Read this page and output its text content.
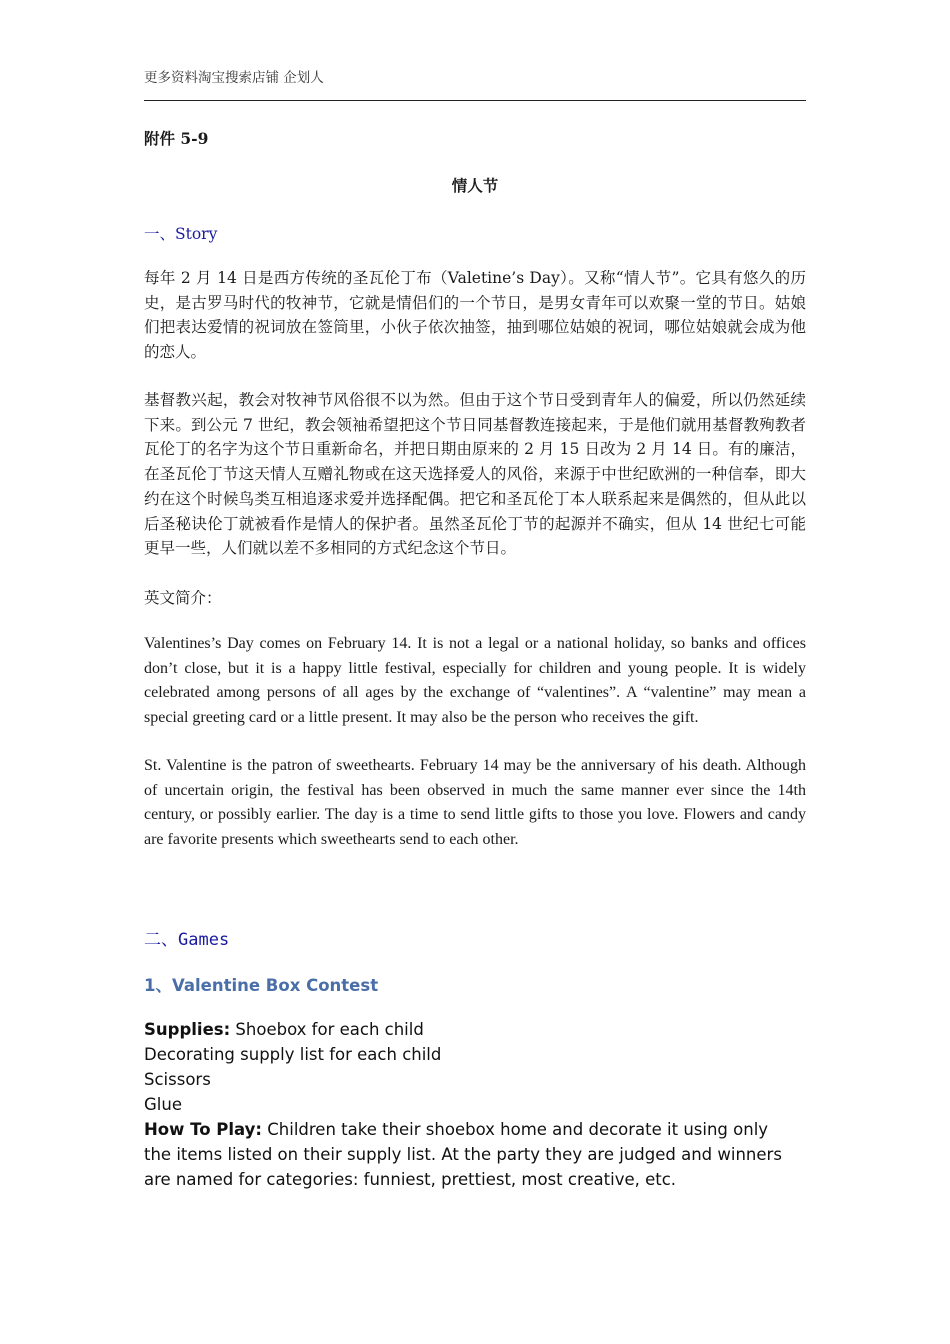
更多资料淘宝搜索店铺 企划人
附件 5-9
情人节
一、Story
每年 2 月 14 日是西方传统的圣瓦伦丁布（Valetine’s Day）。又称“情人节”。它具有悠久的历史，是古罗马时代的牧神节，它就是情侣们的一个节日，是男女青年可以欢聚一堂的节日。姑娘们把表达爱情的祝词放在签筒里，小伙子依次抽签，抽到哪位姑娘的祝词，哪位姑娘就会成为他的恋人。
基督教兴起，教会对牧神节风俗很不以为然。但由于这个节日受到青年人的偏爱，所以仍然延续下来。到公元 7 世纪，教会领袖希望把这个节日同基督教连接起来，于是他们就用基督教殉教者瓦伦丁的名字为这个节日重新命名，并把日期由原来的 2 月 15 日改为 2 月 14 日。有的廉洁，在圣瓦伦丁节这天情人互赠礼物或在这天选择爱人的风俗，来源于中世纪欧洲的一种信奉，即大约在这个时候鸟类互相追逐求爱并选择配偶。把它和圣瓦伦丁本人联系起来是偶然的，但从此以后圣秘诀伦丁就被看作是情人的保护者。虽然圣瓦伦丁节的起源并不确实，但从 14 世纪七可能更早一些，人们就以差不多相同的方式纪念这个节日。
英文简介：
Valentines’s Day comes on February 14. It is not a legal or a national holiday, so banks and offices don’t close, but it is a happy little festival, especially for children and young people. It is widely celebrated among persons of all ages by the exchange of “valentines”. A “valentine” may mean a special greeting card or a little present. It may also be the person who receives the gift.
St. Valentine is the patron of sweethearts. February 14 may be the anniversary of his death. Although of uncertain origin, the festival has been observed in much the same manner ever since the 14th century, or possibly earlier. The day is a time to send little gifts to those you love. Flowers and candy are favorite presents which sweethearts send to each other.
二、Games
1、Valentine Box Contest
Supplies: Shoebox for each child
Decorating supply list for each child
Scissors
Glue
How To Play: Children take their shoebox home and decorate it using only
the items listed on their supply list. At the party they are judged and winners
are named for categories: funniest, prettiest, most creative, etc.
